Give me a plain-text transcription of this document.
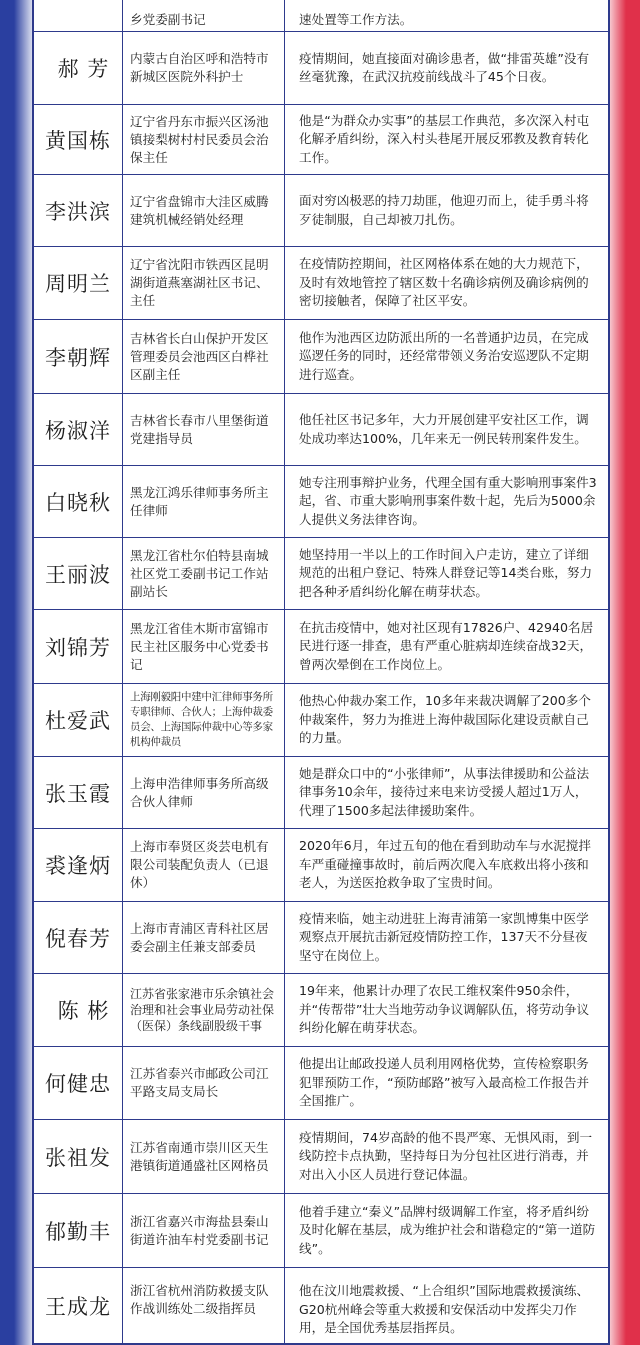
	乡党委副书记	速处置等工作方法。
郝 芳	内蒙古自治区呼和浩特市新城区医院外科护士	疫情期间，她直接面对确诊患者，做“排雷英雄”没有丝毫犹豫，在武汉抗疫前线战斗了45个日夜。
黄国栋	辽宁省丹东市振兴区汤池镇接梨树村村民委员会治保主任	他是“为群众办实事”的基层工作典范，多次深入村屯化解矛盾纠纷，深入村头巷尾开展反邪教及教育转化工作。
李洪滨	辽宁省盘锦市大洼区威腾建筑机械经销处经理	面对穷凶极恶的持刀劫匪，他迎刃而上，徒手勇斗将歹徒制服，自己却被刀扎伤。
周明兰	辽宁省沈阳市铁西区昆明湖街道燕塞湖社区书记、主任	在疫情防控期间，社区网格体系在她的大力规范下，及时有效地管控了辖区数十名确诊病例及确诊病例的密切接触者，保障了社区平安。
李朝辉	吉林省长白山保护开发区管理委员会池西区白桦社区副主任	他作为池西区边防派出所的一名普通护边员，在完成巡逻任务的同时，还经常带领义务治安巡逻队不定期进行巡查。
杨淑洋	吉林省长春市八里堡街道党建指导员	他任社区书记多年，大力开展创建平安社区工作，调处成功率达100%，几年来无一例民转刑案件发生。
白晓秋	黑龙江鸿乐律师事务所主任律师	她专注刑事辩护业务，代理全国有重大影响刑事案件3起，省、市重大影响刑事案件数十起，先后为5000余人提供义务法律咨询。
王丽波	黑龙江省杜尔伯特县南城社区党工委副书记工作站副站长	她坚持用一半以上的工作时间入户走访，建立了详细规范的出租户登记、特殊人群登记等14类台账，努力把各种矛盾纠纷化解在萌芽状态。
刘锦芳	黑龙江省佳木斯市富锦市民主社区服务中心党委书记	在抗击疫情中，她对社区现有17826户、42940名居民进行逐一排查，患有严重心脏病却连续奋战32天，曾两次晕倒在工作岗位上。
杜爱武	上海刚毅阳中建中汇律师事务所专职律师、合伙人；上海仲裁委员会、上海国际仲裁中心等多家机构仲裁员	他热心仲裁办案工作，10多年来裁决调解了200多个仲裁案件，努力为推进上海仲裁国际化建设贡献自己的力量。
张玉霞	上海申浩律师事务所高级合伙人律师	她是群众口中的“小张律师”，从事法律援助和公益法律事务10余年，接待过来电来访受援人超过1万人，代理了1500多起法律援助案件。
裘逢炳	上海市奉贤区炎芸电机有限公司装配负责人（已退休）	2020年6月，年过五旬的他在看到助动车与水泥搅拌车严重碰撞事故时，前后两次爬入车底救出将小孩和老人，为送医抢救争取了宝贵时间。
倪春芳	上海市青浦区青科社区居委会副主任兼支部委员	疫情来临，她主动进驻上海青浦第一家凯博集中医学观察点开展抗击新冠疫情防控工作，137天不分昼夜坚守在岗位上。
陈 彬	江苏省张家港市乐余镇社会治理和社会事业局劳动社保（医保）条线副股级干事	19年来，他累计办理了农民工维权案件950余件，并“传帮带”壮大当地劳动争议调解队伍，将劳动争议纠纷化解在萌芽状态。
何健忠	江苏省泰兴市邮政公司江平路支局支局长	他提出让邮政投递人员利用网格优势，宣传检察职务犯罪预防工作，“预防邮路”被写入最高检工作报告并全国推广。
张祖发	江苏省南通市崇川区天生港镇街道通盛社区网格员	疫情期间，74岁高龄的他不畏严寒、无惧风雨，到一线防控卡点执勤，坚持每日为分包社区进行消毒，并对出入小区人员进行登记体温。
郁勤丰	浙江省嘉兴市海盐县秦山街道许油车村党委副书记	他着手建立“秦义”品牌村级调解工作室，将矛盾纠纷及时化解在基层，成为维护社会和谐稳定的“第一道防线”。
王成龙	浙江省杭州消防救援支队作战训练处二级指挥员	他在汶川地震救援、“上合组织”国际地震救援演练、G20杭州峰会等重大救援和安保活动中发挥尖刀作用，是全国优秀基层指挥员。
